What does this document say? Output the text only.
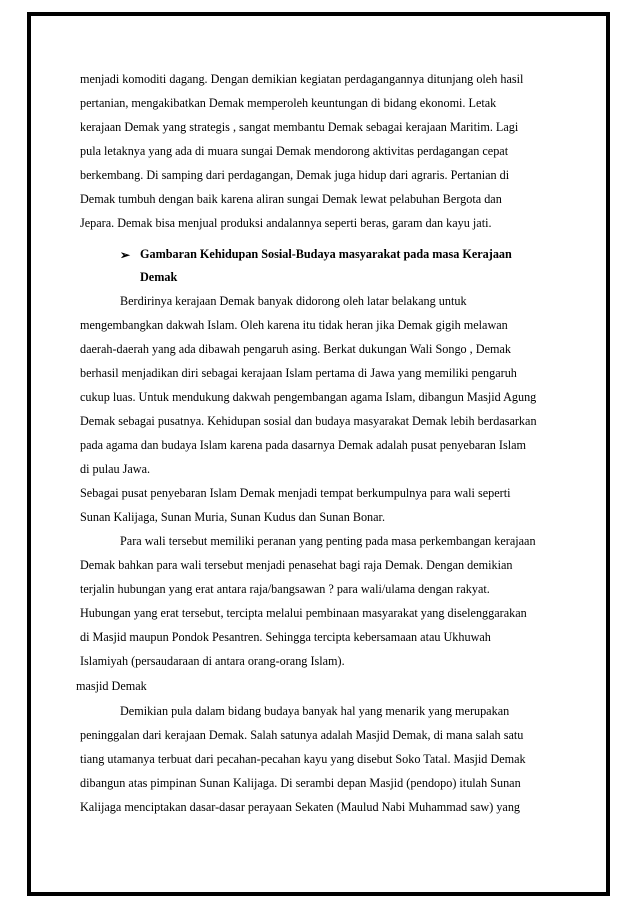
menjadi komoditi dagang. Dengan demikian kegiatan perdagangannya ditunjang oleh hasil
pertanian, mengakibatkan Demak memperoleh keuntungan di bidang ekonomi. Letak
kerajaan Demak yang strategis , sangat membantu Demak sebagai kerajaan Maritim. Lagi
pula letaknya yang ada di muara sungai Demak mendorong aktivitas perdagangan cepat
berkembang. Di samping dari perdagangan, Demak juga hidup dari agraris. Pertanian di
Demak tumbuh dengan baik karena aliran sungai Demak lewat pelabuhan Bergota dan
Jepara. Demak bisa menjual produksi andalannya seperti beras, garam dan kayu jati.
➢ Gambaran Kehidupan Sosial-Budaya masyarakat pada masa Kerajaan
Demak
Berdirinya kerajaan Demak banyak didorong oleh latar belakang untuk
mengembangkan dakwah Islam. Oleh karena itu tidak heran jika Demak gigih melawan
daerah-daerah yang ada dibawah pengaruh asing. Berkat dukungan Wali Songo , Demak
berhasil menjadikan diri sebagai kerajaan Islam pertama di Jawa yang memiliki pengaruh
cukup luas. Untuk mendukung dakwah pengembangan agama Islam, dibangun Masjid Agung
Demak sebagai pusatnya. Kehidupan sosial dan budaya masyarakat Demak lebih berdasarkan
pada agama dan budaya Islam karena pada dasarnya Demak adalah pusat penyebaran Islam
di pulau Jawa.
Sebagai pusat penyebaran Islam Demak menjadi tempat berkumpulnya para wali seperti
Sunan Kalijaga, Sunan Muria, Sunan Kudus dan Sunan Bonar.
Para wali tersebut memiliki peranan yang penting pada masa perkembangan kerajaan
Demak bahkan para wali tersebut menjadi penasehat bagi raja Demak. Dengan demikian
terjalin hubungan yang erat antara raja/bangsawan ? para wali/ulama dengan rakyat.
Hubungan yang erat tersebut, tercipta melalui pembinaan masyarakat yang diselenggarakan
di Masjid maupun Pondok Pesantren. Sehingga tercipta kebersamaan atau Ukhuwah
Islamiyah (persaudaraan di antara orang-orang Islam).
masjid Demak
Demikian pula dalam bidang budaya banyak hal yang menarik yang merupakan
peninggalan dari kerajaan Demak. Salah satunya adalah Masjid Demak, di mana salah satu
tiang utamanya terbuat dari pecahan-pecahan kayu yang disebut Soko Tatal. Masjid Demak
dibangun atas pimpinan Sunan Kalijaga. Di serambi depan Masjid (pendopo) itulah Sunan
Kalijaga menciptakan dasar-dasar perayaan Sekaten (Maulud Nabi Muhammad saw) yang
